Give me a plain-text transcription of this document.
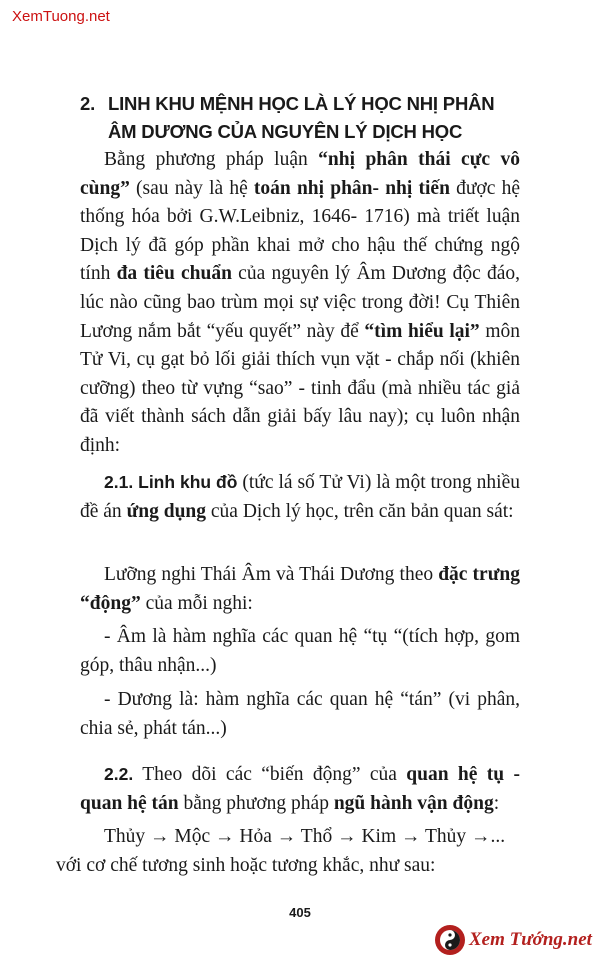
XemTuong.net
2. LINH KHU MỆNH HỌC LÀ LÝ HỌC NHỊ PHÂN
ÂM DƯƠNG CỦA NGUYÊN LÝ DỊCH HỌC
Bằng phương pháp luận “nhị phân thái cực vô cùng” (sau này là hệ toán nhị phân- nhị tiến được hệ thống hóa bởi G.W.Leibniz, 1646- 1716) mà triết luận Dịch lý đã góp phần khai mở cho hậu thế chứng ngộ tính đa tiêu chuẩn của nguyên lý Âm Dương độc đáo, lúc nào cũng bao trùm mọi sự việc trong đời! Cụ Thiên Lương nắm bắt “yếu quyết” này để “tìm hiểu lại” môn Tử Vi, cụ gạt bỏ lối giải thích vụn vặt - chắp nối (khiên cưỡng) theo từ vựng “sao” - tinh đẩu (mà nhiều tác giả đã viết thành sách dẫn giải bấy lâu nay); cụ luôn nhận định:
2.1. Linh khu đồ (tức lá số Tử Vi) là một trong nhiều đề án ứng dụng của Dịch lý học, trên căn bản quan sát:
Lưỡng nghi Thái Âm và Thái Dương theo đặc trưng “động” của mỗi nghi:
- Âm là hàm nghĩa các quan hệ “tụ “(tích hợp, gom góp, thâu nhận...)
- Dương là: hàm nghĩa các quan hệ “tán” (vi phân, chia sẻ, phát tán...)
2.2. Theo dõi các “biến động” của quan hệ tụ - quan hệ tán bằng phương pháp ngũ hành vận động:
Thủy → Mộc → Hỏa → Thổ → Kim → Thủy →...
với cơ chế tương sinh hoặc tương khắc, như sau:
405
Xem Tướng.net
